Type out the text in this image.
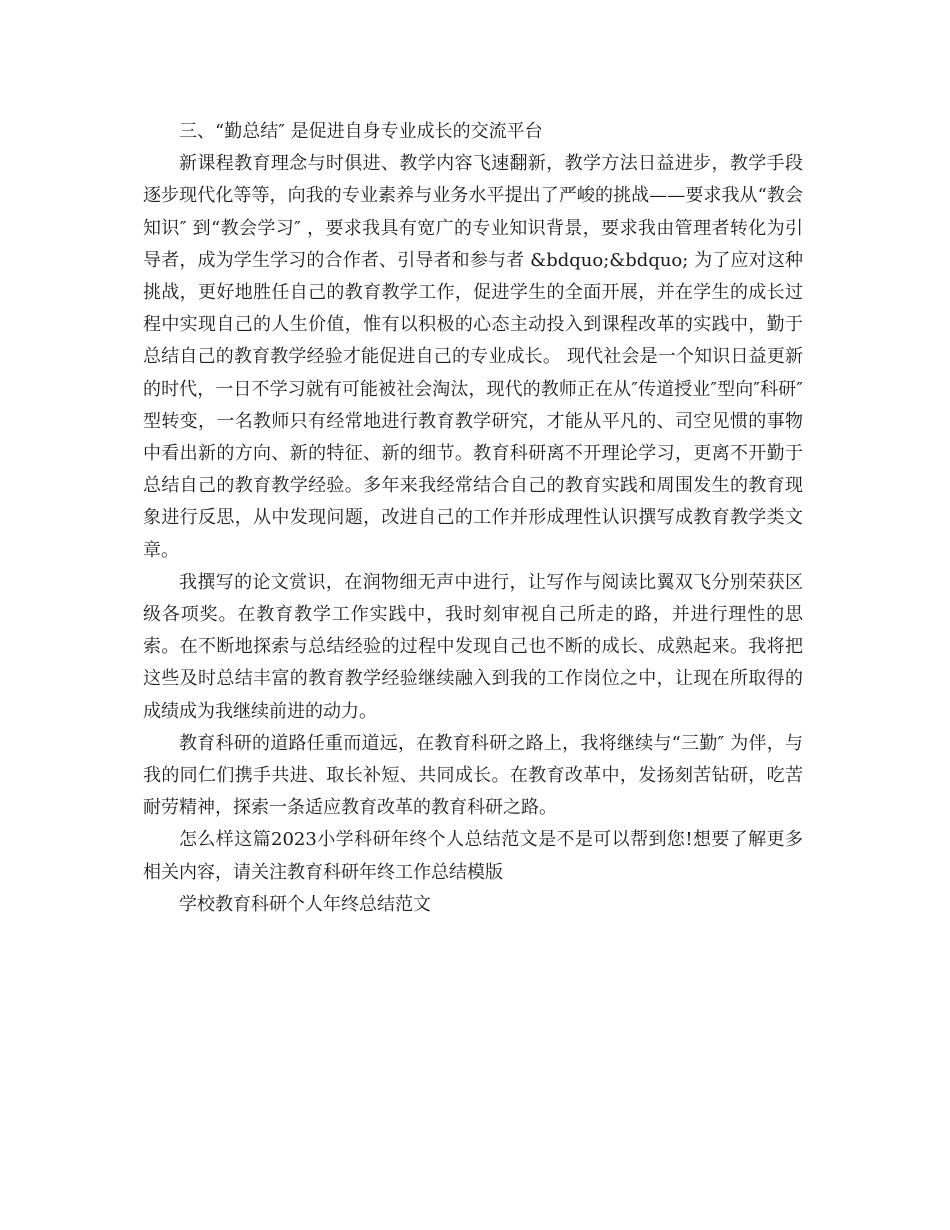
三、“勤总结″ 是促进自身专业成长的交流平台

新课程教育理念与时俱进、教学内容飞速翻新，教学方法日益进步，教学手段逐步现代化等等，向我的专业素养与业务水平提出了严峻的挑战——要求我从“教会知识″ 到“教会学习″ ，要求我具有宽广的专业知识背景，要求我由管理者转化为引导者，成为学生学习的合作者、引导者和参与者 &bdquo;&bdquo; 为了应对这种挑战，更好地胜任自己的教育教学工作，促进学生的全面开展，并在学生的成长过程中实现自己的人生价值，惟有以积极的心态主动投入到课程改革的实践中，勤于总结自己的教育教学经验才能促进自己的专业成长。 现代社会是一个知识日益更新的时代，一日不学习就有可能被社会淘汰，现代的教师正在从″传道授业″型向″科研″型转变，一名教师只有经常地进行教育教学研究，才能从平凡的、司空见惯的事物中看出新的方向、新的特征、新的细节。教育科研离不开理论学习，更离不开勤于总结自己的教育教学经验。多年来我经常结合自己的教育实践和周围发生的教育现象进行反思，从中发现问题，改进自己的工作并形成理性认识撰写成教育教学类文章。

我撰写的论文赏识，在润物细无声中进行，让写作与阅读比翼双飞分别荣获区级各项奖。在教育教学工作实践中，我时刻审视自己所走的路，并进行理性的思索。在不断地探索与总结经验的过程中发现自己也不断的成长、成熟起来。我将把这些及时总结丰富的教育教学经验继续融入到我的工作岗位之中，让现在所取得的成绩成为我继续前进的动力。

教育科研的道路任重而道远，在教育科研之路上，我将继续与“三勤″ 为伴，与我的同仁们携手共进、取长补短、共同成长。在教育改革中，发扬刻苦钻研，吃苦耐劳精神，探索一条适应教育改革的教育科研之路。

怎么样这篇2023小学科研年终个人总结范文是不是可以帮到您!想要了解更多相关内容，请关注教育科研年终工作总结模版

学校教育科研个人年终总结范文
